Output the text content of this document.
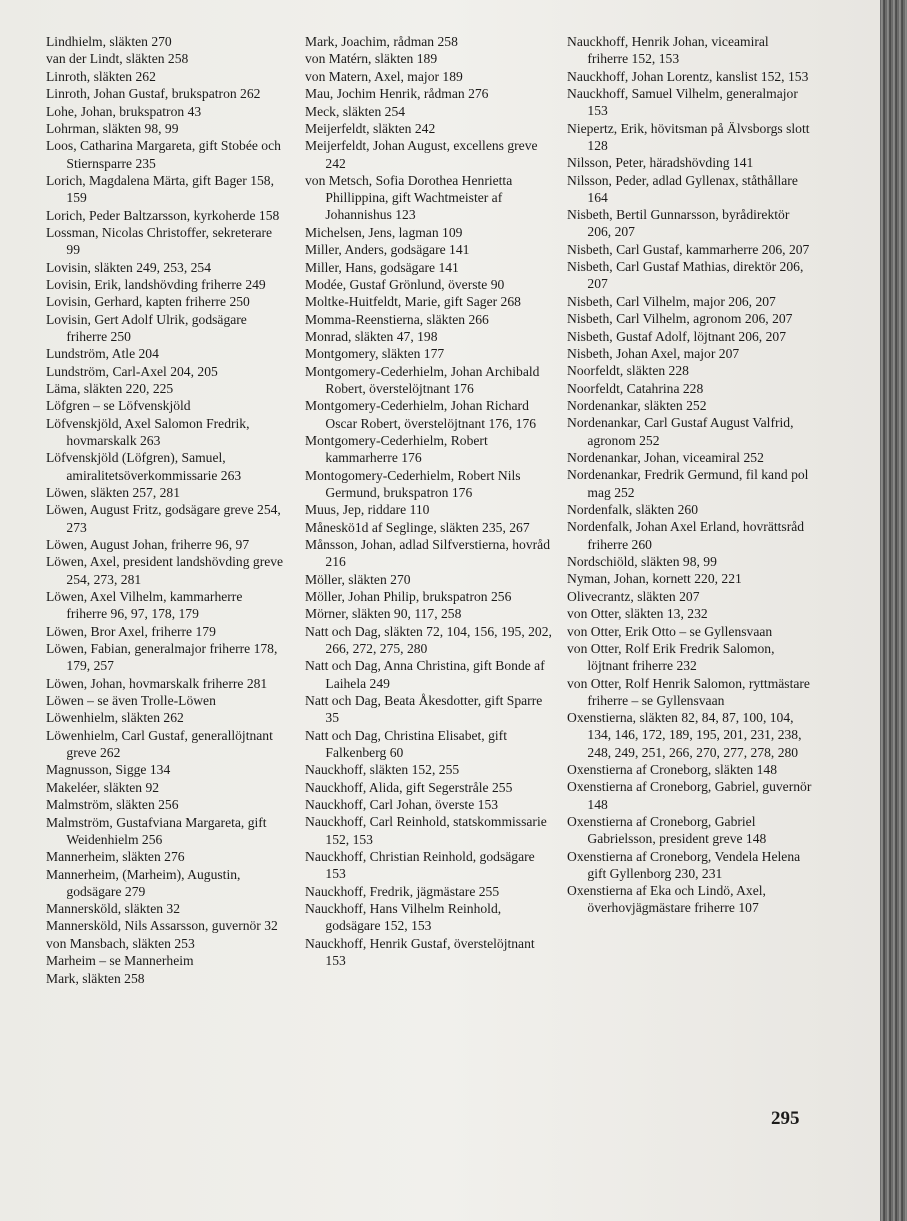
Lindhielm, släkten 270
van der Lindt, släkten 258
Linroth, släkten 262
Linroth, Johan Gustaf, brukspatron 262
Lohe, Johan, brukspatron 43
Lohrman, släkten 98, 99
Loos, Catharina Margareta, gift Stobée och Stiernsparre 235
Lorich, Magdalena Märta, gift Bager 158, 159
Lorich, Peder Baltzarsson, kyrkoherde 158
Lossman, Nicolas Christoffer, sekreterare 99
Lovisin, släkten 249, 253, 254
Lovisin, Erik, landshövding friherre 249
Lovisin, Gerhard, kapten friherre 250
Lovisin, Gert Adolf Ulrik, godsägare friherre 250
Lundström, Atle 204
Lundström, Carl-Axel 204, 205
Läma, släkten 220, 225
Löfgren – se Löfvenskjöld
Löfvenskjöld, Axel Salomon Fredrik, hovmarskalk 263
Löfvenskjöld (Löfgren), Samuel, amiralitetsöverkommissarie 263
Löwen, släkten 257, 281
Löwen, August Fritz, godsägare greve 254, 273
Löwen, August Johan, friherre 96, 97
Löwen, Axel, president landshövding greve 254, 273, 281
Löwen, Axel Vilhelm, kammarherre friherre 96, 97, 178, 179
Löwen, Bror Axel, friherre 179
Löwen, Fabian, generalmajor friherre 178, 179, 257
Löwen, Johan, hovmarskalk friherre 281
Löwen – se även Trolle-Löwen
Löwenhielm, släkten 262
Löwenhielm, Carl Gustaf, generallöjtnant greve 262
Magnusson, Sigge 134
Makeléer, släkten 92
Malmström, släkten 256
Malmström, Gustafviana Margareta, gift Weidenhielm 256
Mannerheim, släkten 276
Mannerheim, (Marheim), Augustin, godsägare 279
Mannersköld, släkten 32
Mannersköld, Nils Assarsson, guvernör 32
von Mansbach, släkten 253
Marheim – se Mannerheim
Mark, släkten 258
Mark, Joachim, rådman 258
von Matérn, släkten 189
von Matern, Axel, major 189
Mau, Jochim Henrik, rådman 276
Meck, släkten 254
Meijerfeldt, släkten 242
Meijerfeldt, Johan August, excellens greve 242
von Metsch, Sofia Dorothea Henrietta Phillippina, gift Wachtmeister af Johannishus 123
Michelsen, Jens, lagman 109
Miller, Anders, godsägare 141
Miller, Hans, godsägare 141
Modée, Gustaf Grönlund, överste 90
Moltke-Huitfeldt, Marie, gift Sager 268
Momma-Reenstierna, släkten 266
Monrad, släkten 47, 198
Montgomery, släkten 177
Montgomery-Cederhielm, Johan Archibald Robert, överstelöjtnant 176
Montgomery-Cederhielm, Johan Richard Oscar Robert, överstelöjtnant 176, 176
Montgomery-Cederhielm, Robert kammarherre 176
Montogomery-Cederhielm, Robert Nils Germund, brukspatron 176
Muus, Jep, riddare 110
Måneskö1d af Seglinge, släkten 235, 267
Månsson, Johan, adlad Silfverstierna, hovråd 216
Möller, släkten 270
Möller, Johan Philip, brukspatron 256
Mörner, släkten 90, 117, 258
Natt och Dag, släkten 72, 104, 156, 195, 202, 266, 272, 275, 280
Natt och Dag, Anna Christina, gift Bonde af Laihela 249
Natt och Dag, Beata Åkesdotter, gift Sparre 35
Natt och Dag, Christina Elisabet, gift Falkenberg 60
Nauckhoff, släkten 152, 255
Nauckhoff, Alida, gift Segerstråle 255
Nauckhoff, Carl Johan, överste 153
Nauckhoff, Carl Reinhold, statskommissarie 152, 153
Nauckhoff, Christian Reinhold, godsägare 153
Nauckhoff, Fredrik, jägmästare 255
Nauckhoff, Hans Vilhelm Reinhold, godsägare 152, 153
Nauckhoff, Henrik Gustaf, överstelöjtnant 153
Nauckhoff, Henrik Johan, viceamiral friherre 152, 153
Nauckhoff, Johan Lorentz, kanslist 152, 153
Nauckhoff, Samuel Vilhelm, generalmajor 153
Niepertz, Erik, hövitsman på Älvsborgs slott 128
Nilsson, Peter, häradshövding 141
Nilsson, Peder, adlad Gyllenax, ståthållare 164
Nisbeth, Bertil Gunnarsson, byrådirektör 206, 207
Nisbeth, Carl Gustaf, kammarherre 206, 207
Nisbeth, Carl Gustaf Mathias, direktör 206, 207
Nisbeth, Carl Vilhelm, major 206, 207
Nisbeth, Carl Vilhelm, agronom 206, 207
Nisbeth, Gustaf Adolf, löjtnant 206, 207
Nisbeth, Johan Axel, major 207
Noorfeldt, släkten 228
Noorfeldt, Catahrina 228
Nordenankar, släkten 252
Nordenankar, Carl Gustaf August Valfrid, agronom 252
Nordenankar, Johan, viceamiral 252
Nordenankar, Fredrik Germund, fil kand pol mag 252
Nordenfalk, släkten 260
Nordenfalk, Johan Axel Erland, hovrättsråd friherre 260
Nordschiöld, släkten 98, 99
Nyman, Johan, kornett 220, 221
Olivecrantz, släkten 207
von Otter, släkten 13, 232
von Otter, Erik Otto – se Gyllensvaan
von Otter, Rolf Erik Fredrik Salomon, löjtnant friherre 232
von Otter, Rolf Henrik Salomon, ryttmästare friherre – se Gyllensvaan
Oxenstierna, släkten 82, 84, 87, 100, 104, 134, 146, 172, 189, 195, 201, 231, 238, 248, 249, 251, 266, 270, 277, 278, 280
Oxenstierna af Croneborg, släkten 148
Oxenstierna af Croneborg, Gabriel, guvernör 148
Oxenstierna af Croneborg, Gabriel Gabrielsson, president greve 148
Oxenstierna af Croneborg, Vendela Helena gift Gyllenborg 230, 231
Oxenstierna af Eka och Lindö, Axel, överhovjägmästare friherre 107
295
